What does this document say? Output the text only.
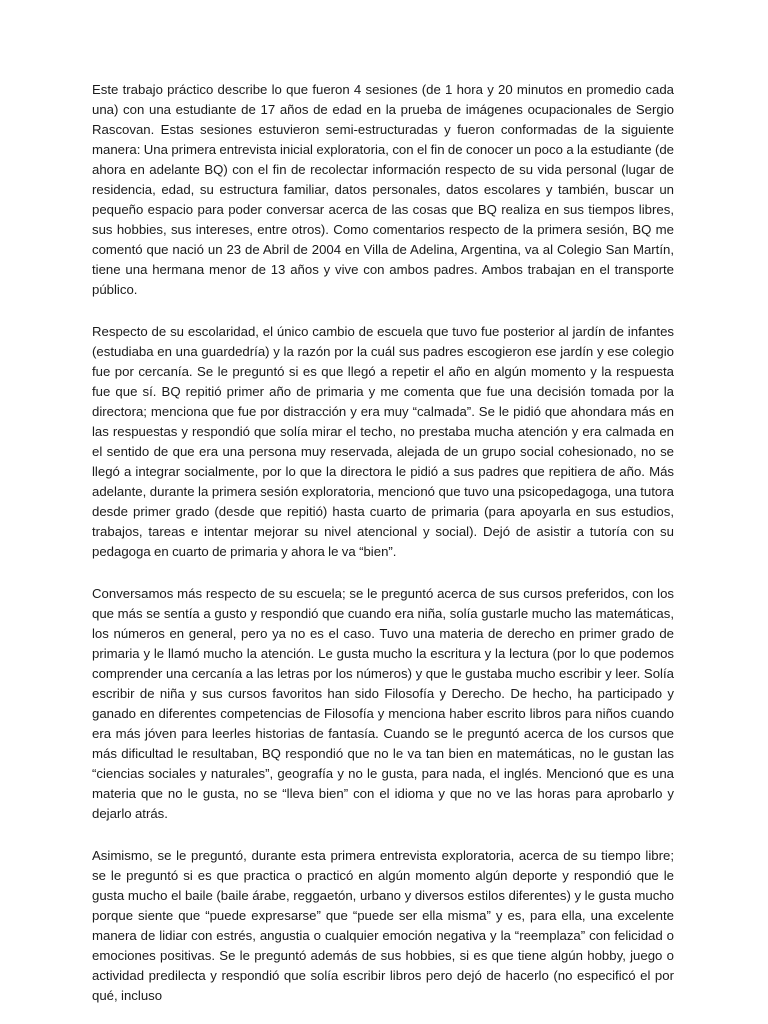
Este trabajo práctico describe lo que fueron 4 sesiones (de 1 hora y 20 minutos en promedio cada una) con una estudiante de 17 años de edad en la prueba de imágenes ocupacionales de Sergio Rascovan. Estas sesiones estuvieron semi-estructuradas y fueron conformadas de la siguiente manera: Una primera entrevista inicial exploratoria, con el fin de conocer un poco a la estudiante (de ahora en adelante BQ) con el fin de recolectar información respecto de su vida personal (lugar de residencia, edad, su estructura familiar, datos personales, datos escolares y también, buscar un pequeño espacio para poder conversar acerca de las cosas que BQ realiza en sus tiempos libres, sus hobbies, sus intereses, entre otros). Como comentarios respecto de la primera sesión, BQ me comentó que nació un 23 de Abril de 2004 en Villa de Adelina, Argentina, va al Colegio San Martín, tiene una hermana menor de 13 años y vive con ambos padres. Ambos trabajan en el transporte público.

Respecto de su escolaridad, el único cambio de escuela que tuvo fue posterior al jardín de infantes (estudiaba en una guardedría) y la razón por la cuál sus padres escogieron ese jardín y ese colegio fue por cercanía. Se le preguntó si es que llegó a repetir el año en algún momento y la respuesta fue que sí. BQ repitió primer año de primaria y me comenta que fue una decisión tomada por la directora; menciona que fue por distracción y era muy “calmada”. Se le pidió que ahondara más en las respuestas y respondió que solía mirar el techo, no prestaba mucha atención y era calmada en el sentido de que era una persona muy reservada, alejada de un grupo social cohesionado, no se llegó a integrar socialmente, por lo que la directora le pidió a sus padres que repitiera de año. Más adelante, durante la primera sesión exploratoria, mencionó que tuvo una psicopedagoga, una tutora desde primer grado (desde que repitió) hasta cuarto de primaria (para apoyarla en sus estudios, trabajos, tareas e intentar mejorar su nivel atencional y social). Dejó de asistir a tutoría con su pedagoga en cuarto de primaria y ahora le va “bien”.

Conversamos más respecto de su escuela; se le preguntó acerca de sus cursos preferidos, con los que más se sentía a gusto y respondió que cuando era niña, solía gustarle mucho las matemáticas, los números en general, pero ya no es el caso. Tuvo una materia de derecho en primer grado de primaria y le llamó mucho la atención. Le gusta mucho la escritura y la lectura (por lo que podemos comprender una cercanía a las letras por los números) y que le gustaba mucho escribir y leer. Solía escribir de niña y sus cursos favoritos han sido Filosofía y Derecho. De hecho, ha participado y ganado en diferentes competencias de Filosofía y menciona haber escrito libros para niños cuando era más jóven para leerles historias de fantasía. Cuando se le preguntó acerca de los cursos que más dificultad le resultaban, BQ respondió que no le va tan bien en matemáticas, no le gustan las “ciencias sociales y naturales”, geografía y no le gusta, para nada, el inglés. Mencionó que es una materia que no le gusta, no se “lleva bien” con el idioma y que no ve las horas para aprobarlo y dejarlo atrás.

Asimismo, se le preguntó, durante esta primera entrevista exploratoria, acerca de su tiempo libre; se le preguntó si es que practica o practicó en algún momento algún deporte y respondió que le gusta mucho el baile (baile árabe, reggaetón, urbano y diversos estilos diferentes) y le gusta mucho porque siente que “puede expresarse” que “puede ser ella misma” y es, para ella, una excelente manera de lidiar con estrés, angustia o cualquier emoción negativa y la “reemplaza” con felicidad o emociones positivas. Se le preguntó además de sus hobbies, si es que tiene algún hobby, juego o actividad predilecta y respondió que solía escribir libros pero dejó de hacerlo (no especificó el por qué, incluso
